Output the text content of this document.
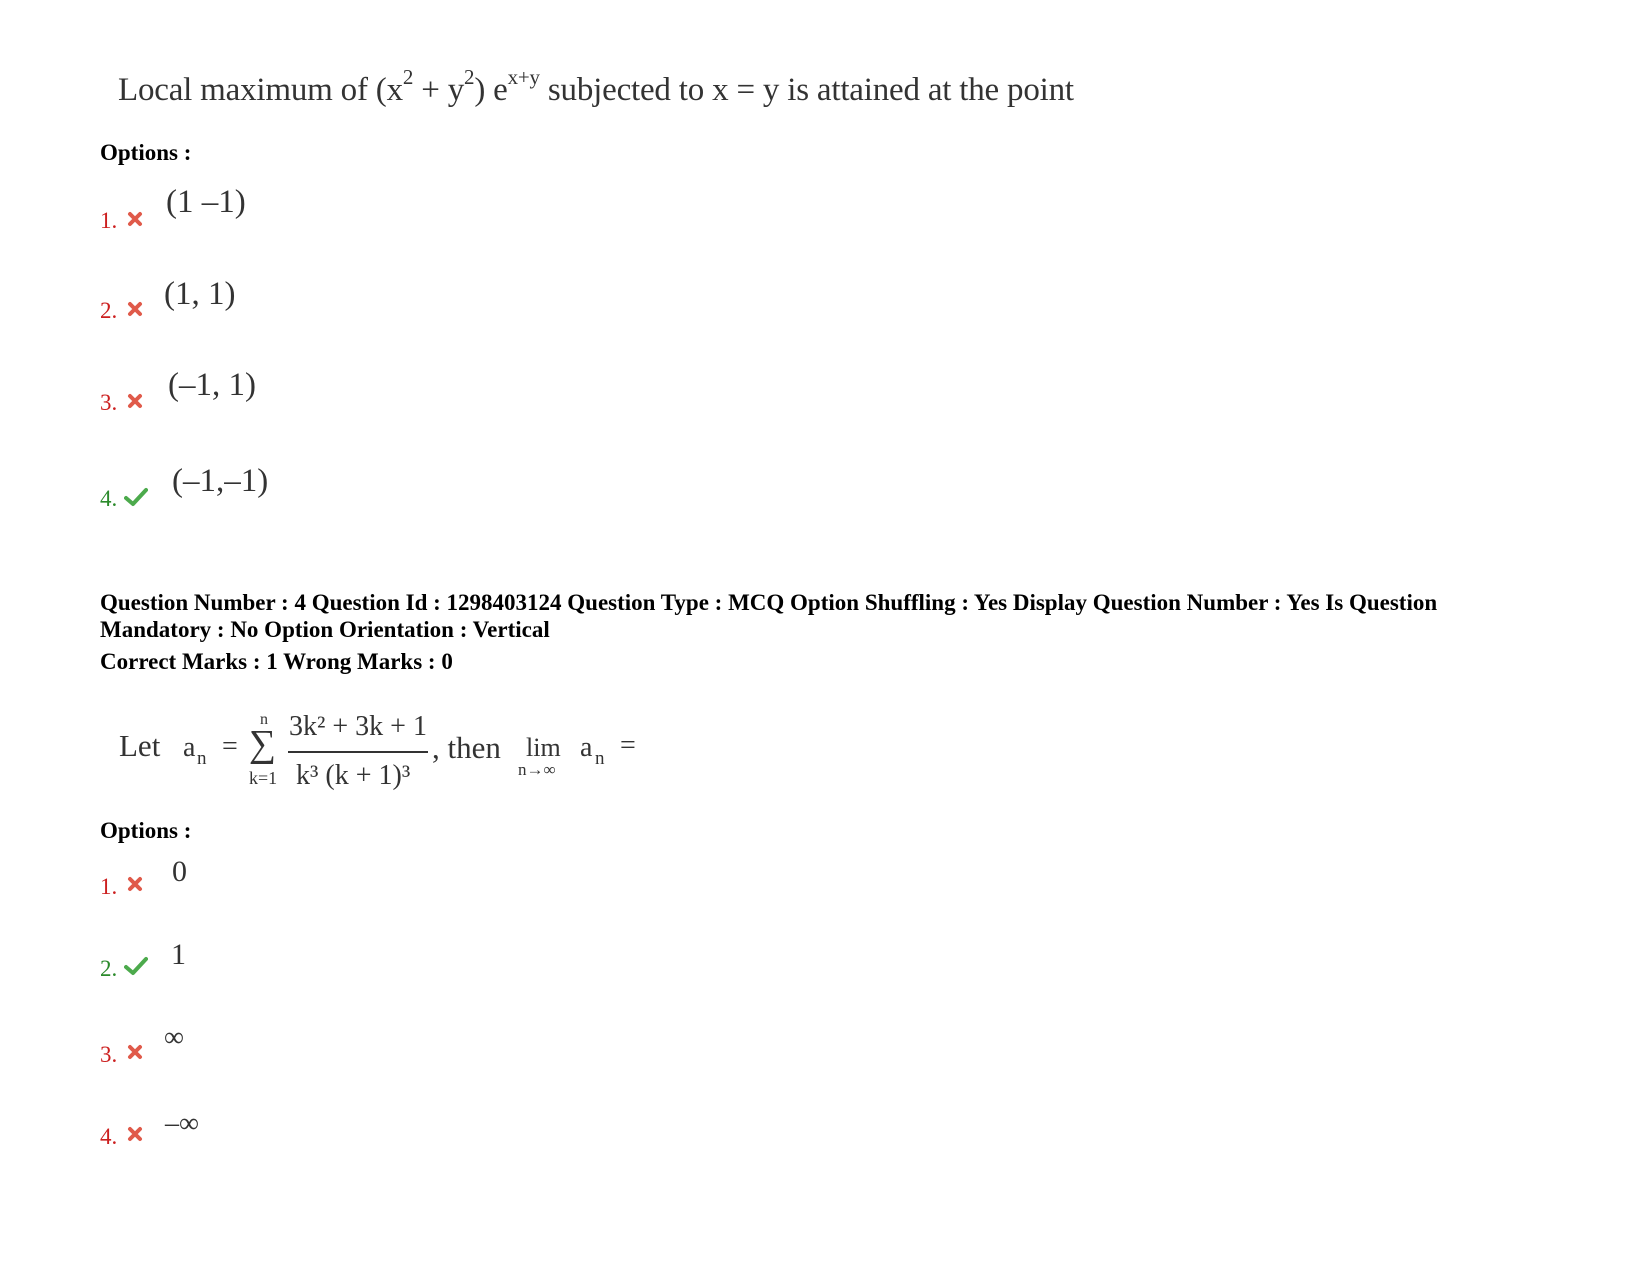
Local maximum of $(x^2 + y^2)$ $e^{x+y}$ subjected to x = y is attained at the point
Options :
1.
(1 –1)
2. (1, 1)
3. (–1, 1)
4. (–1,–1)
Question Number : 4 Question Id : 1298403124 Question Type : MCQ Option Shuffling : Yes Display Question Number : Yes Is Question
Mandatory : No Option Orientation : Vertical
Correct Marks : 1 Wrong Marks : 0
Let a n =
n
∑
k=1
3k² + 3k + 1
k³ (k + 1)³
, then lim
n→∞
a n =
Options :
1. 0
2. 1
3.
∞
4. –∞
